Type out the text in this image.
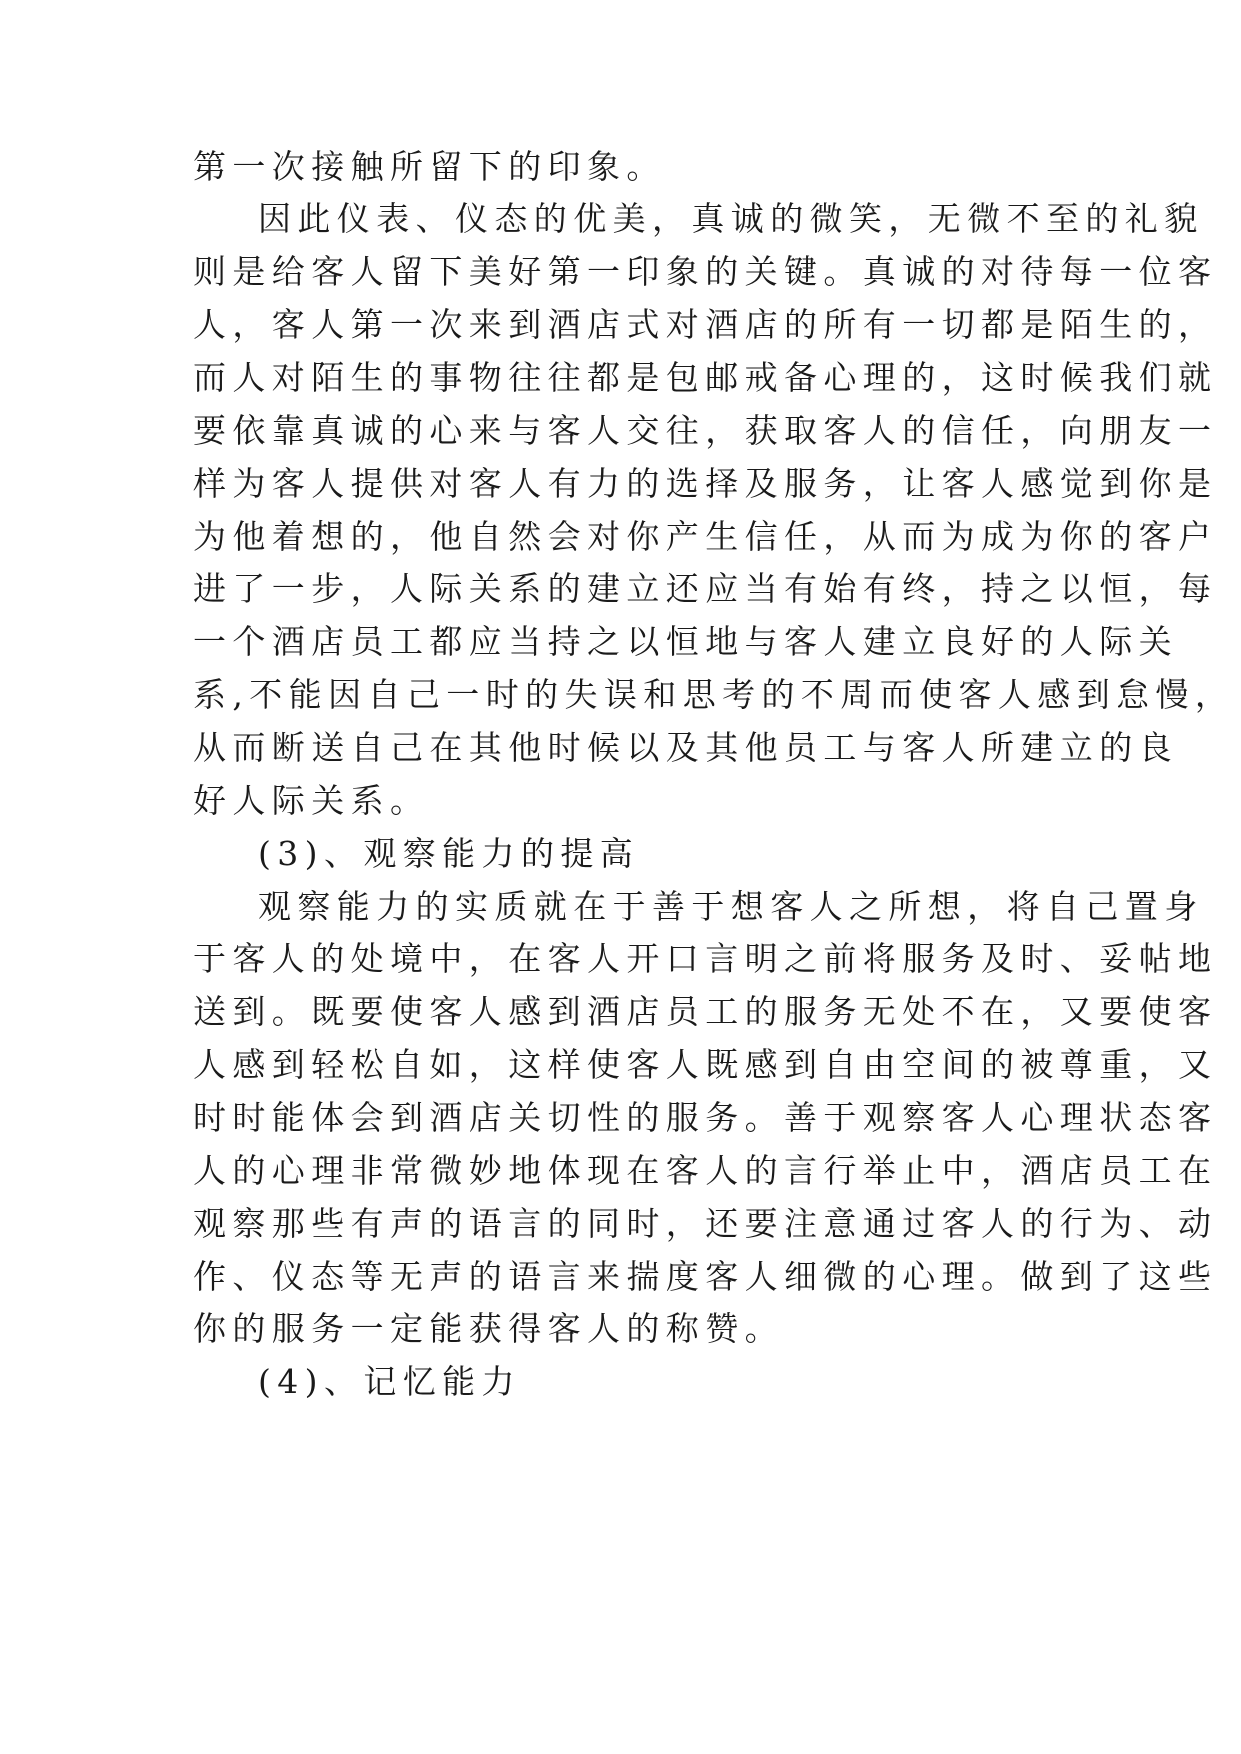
第一次接触所留下的印象。
因此仪表、仪态的优美，真诚的微笑，无微不至的礼貌
则是给客人留下美好第一印象的关键。真诚的对待每一位客
人，客人第一次来到酒店式对酒店的所有一切都是陌生的，
而人对陌生的事物往往都是包邮戒备心理的，这时候我们就
要依靠真诚的心来与客人交往，获取客人的信任，向朋友一
样为客人提供对客人有力的选择及服务，让客人感觉到你是
为他着想的，他自然会对你产生信任，从而为成为你的客户
进了一步，人际关系的建立还应当有始有终，持之以恒，每
一个酒店员工都应当持之以恒地与客人建立良好的人际关
系,不能因自己一时的失误和思考的不周而使客人感到怠慢，
从而断送自己在其他时候以及其他员工与客人所建立的良
好人际关系。
(3)、观察能力的提高
观察能力的实质就在于善于想客人之所想，将自己置身
于客人的处境中，在客人开口言明之前将服务及时、妥帖地
送到。既要使客人感到酒店员工的服务无处不在，又要使客
人感到轻松自如，这样使客人既感到自由空间的被尊重，又
时时能体会到酒店关切性的服务。善于观察客人心理状态客
人的心理非常微妙地体现在客人的言行举止中，酒店员工在
观察那些有声的语言的同时，还要注意通过客人的行为、动
作、仪态等无声的语言来揣度客人细微的心理。做到了这些
你的服务一定能获得客人的称赞。
(4)、记忆能力
